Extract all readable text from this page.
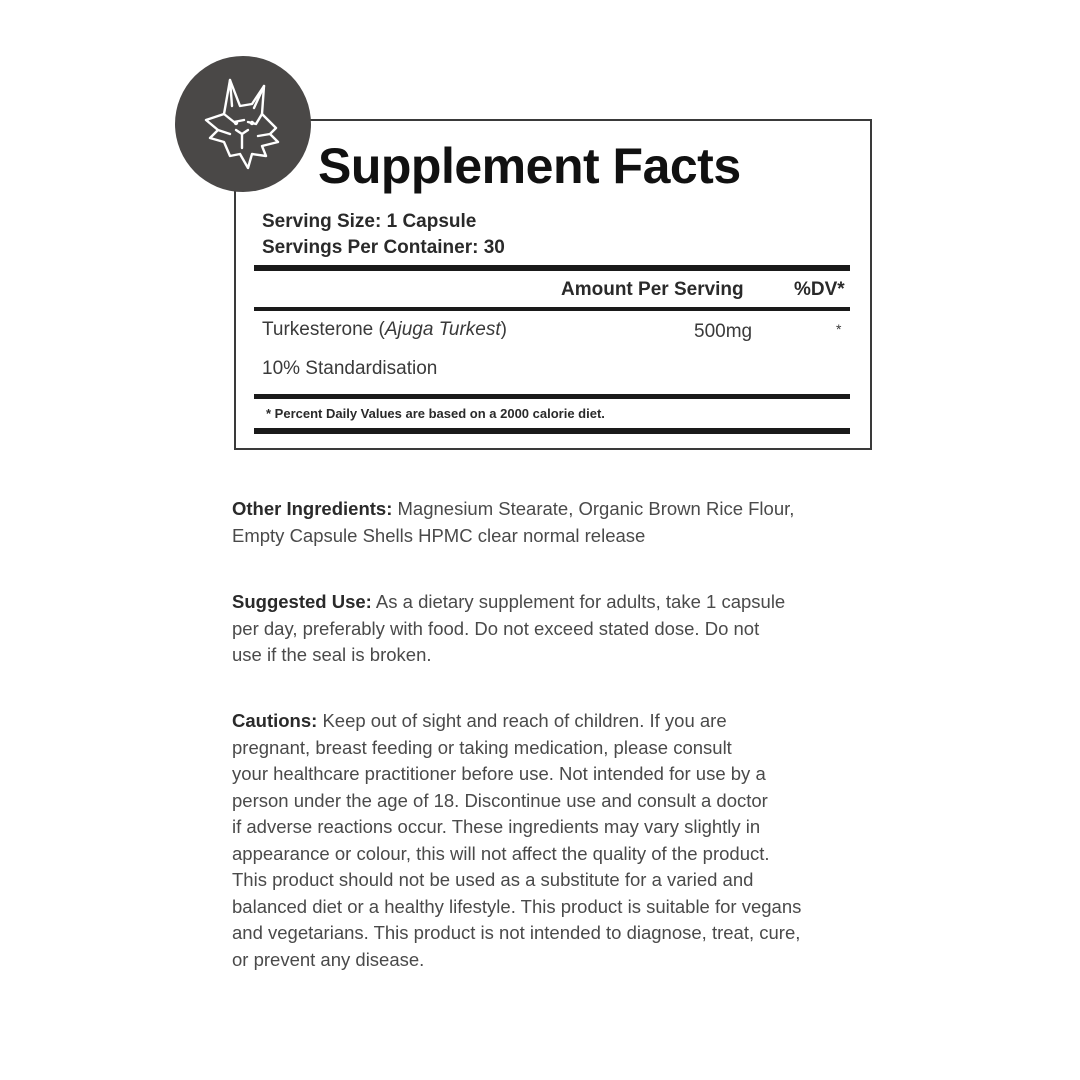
Supplement Facts
Serving Size: 1 Capsule
Servings Per Container: 30
Amount Per Serving	%DV*
Turkesterone (Ajuga Turkest)	500mg	*
10% Standardisation
* Percent Daily Values are based on a 2000 calorie diet.

Other Ingredients: Magnesium Stearate, Organic Brown Rice Flour,
Empty Capsule Shells HPMC clear normal release

Suggested Use: As a dietary supplement for adults, take 1 capsule
per day, preferably with food. Do not exceed stated dose. Do not
use if the seal is broken.

Cautions: Keep out of sight and reach of children. If you are
pregnant, breast feeding or taking medication, please consult
your healthcare practitioner before use. Not intended for use by a
person under the age of 18. Discontinue use and consult a doctor
if adverse reactions occur. These ingredients may vary slightly in
appearance or colour, this will not affect the quality of the product.
This product should not be used as a substitute for a varied and
balanced diet or a healthy lifestyle. This product is suitable for vegans
and vegetarians. This product is not intended to diagnose, treat, cure,
or prevent any disease.
